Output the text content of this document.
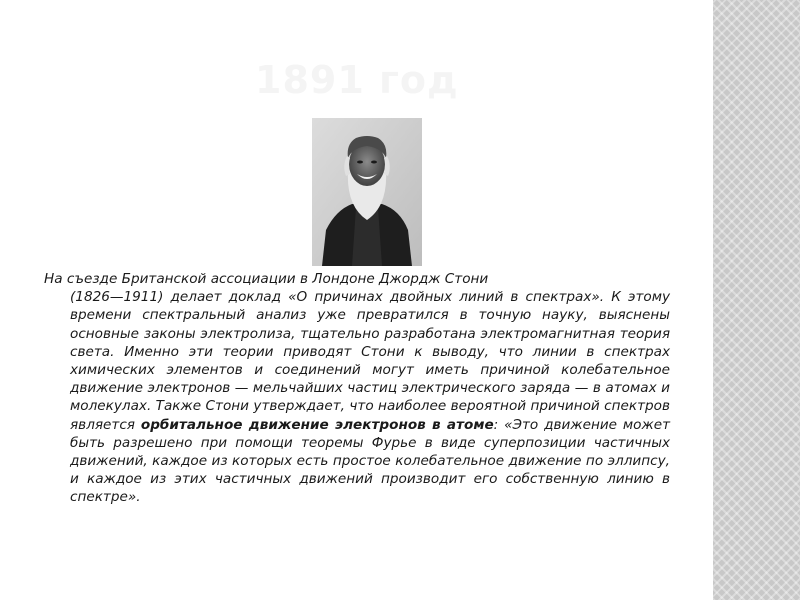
1891 год
На съезде Британской ассоциации в Лондоне Джордж Стони
(1826—1911) делает доклад «О причинах двойных линий в спектрах». К этому времени спектральный анализ уже превратился в точную науку, выяснены основные законы электролиза, тщательно разработана электромагнитная теория света. Именно эти теории приводят Стони к выводу, что линии в спектрах химических элементов и соединений могут иметь причиной колебательное движение электронов — мельчайших частиц электрического заряда — в атомах и молекулах. Также Стони утверждает, что наиболее вероятной причиной спектров является орбитальное движение электронов в атоме: «Это движение может быть разрешено при помощи теоремы Фурье в виде суперпозиции частичных движений, каждое из которых есть простое колебательное движение по эллипсу, и каждое из этих частичных движений производит его собственную линию в спектре».
